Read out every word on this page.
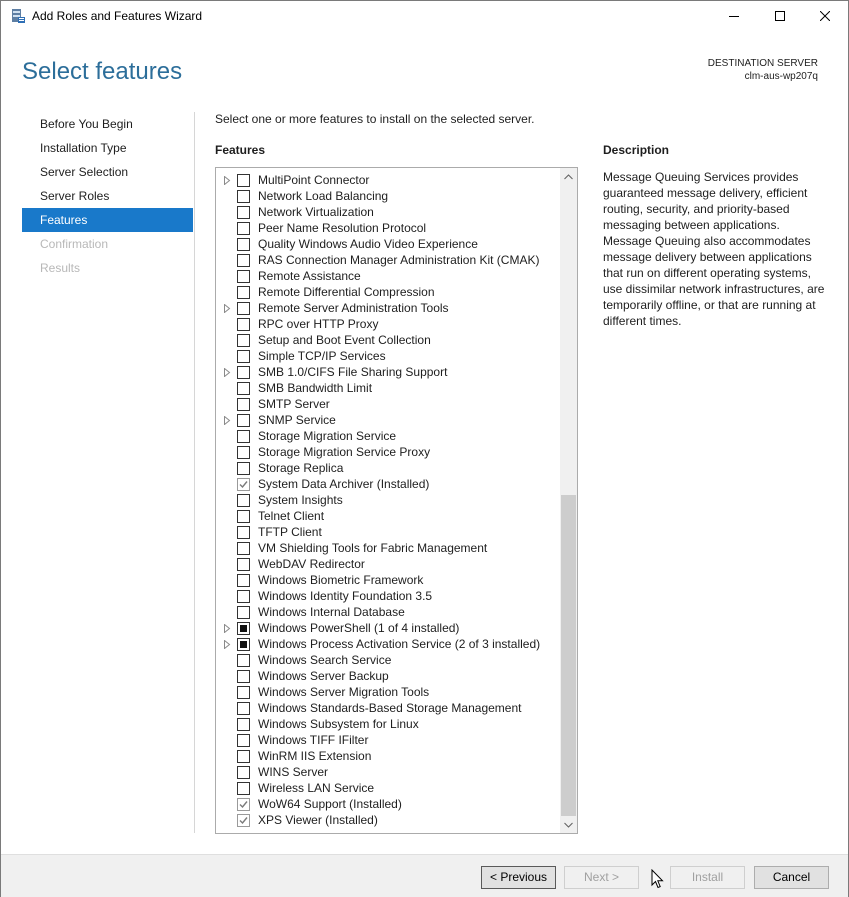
Add Roles and Features Wizard
Select features	DESTINATION SERVER
clm-aus-wp207q
Before You Begin
Installation Type
Server Selection
Server Roles
Features
Confirmation
Results
Select one or more features to install on the selected server.
Features
MultiPoint Connector
Network Load Balancing
Network Virtualization
Peer Name Resolution Protocol
Quality Windows Audio Video Experience
RAS Connection Manager Administration Kit (CMAK)
Remote Assistance
Remote Differential Compression
Remote Server Administration Tools
RPC over HTTP Proxy
Setup and Boot Event Collection
Simple TCP/IP Services
SMB 1.0/CIFS File Sharing Support
SMB Bandwidth Limit
SMTP Server
SNMP Service
Storage Migration Service
Storage Migration Service Proxy
Storage Replica
System Data Archiver (Installed)
System Insights
Telnet Client
TFTP Client
VM Shielding Tools for Fabric Management
WebDAV Redirector
Windows Biometric Framework
Windows Identity Foundation 3.5
Windows Internal Database
Windows PowerShell (1 of 4 installed)
Windows Process Activation Service (2 of 3 installed)
Windows Search Service
Windows Server Backup
Windows Server Migration Tools
Windows Standards-Based Storage Management
Windows Subsystem for Linux
Windows TIFF IFilter
WinRM IIS Extension
WINS Server
Wireless LAN Service
WoW64 Support (Installed)
XPS Viewer (Installed)
Description
Message Queuing Services provides guaranteed message delivery, efficient routing, security, and priority-based messaging between applications. Message Queuing also accommodates message delivery between applications that run on different operating systems, use dissimilar network infrastructures, are temporarily offline, or that are running at different times.
< Previous	Next >	Install	Cancel
